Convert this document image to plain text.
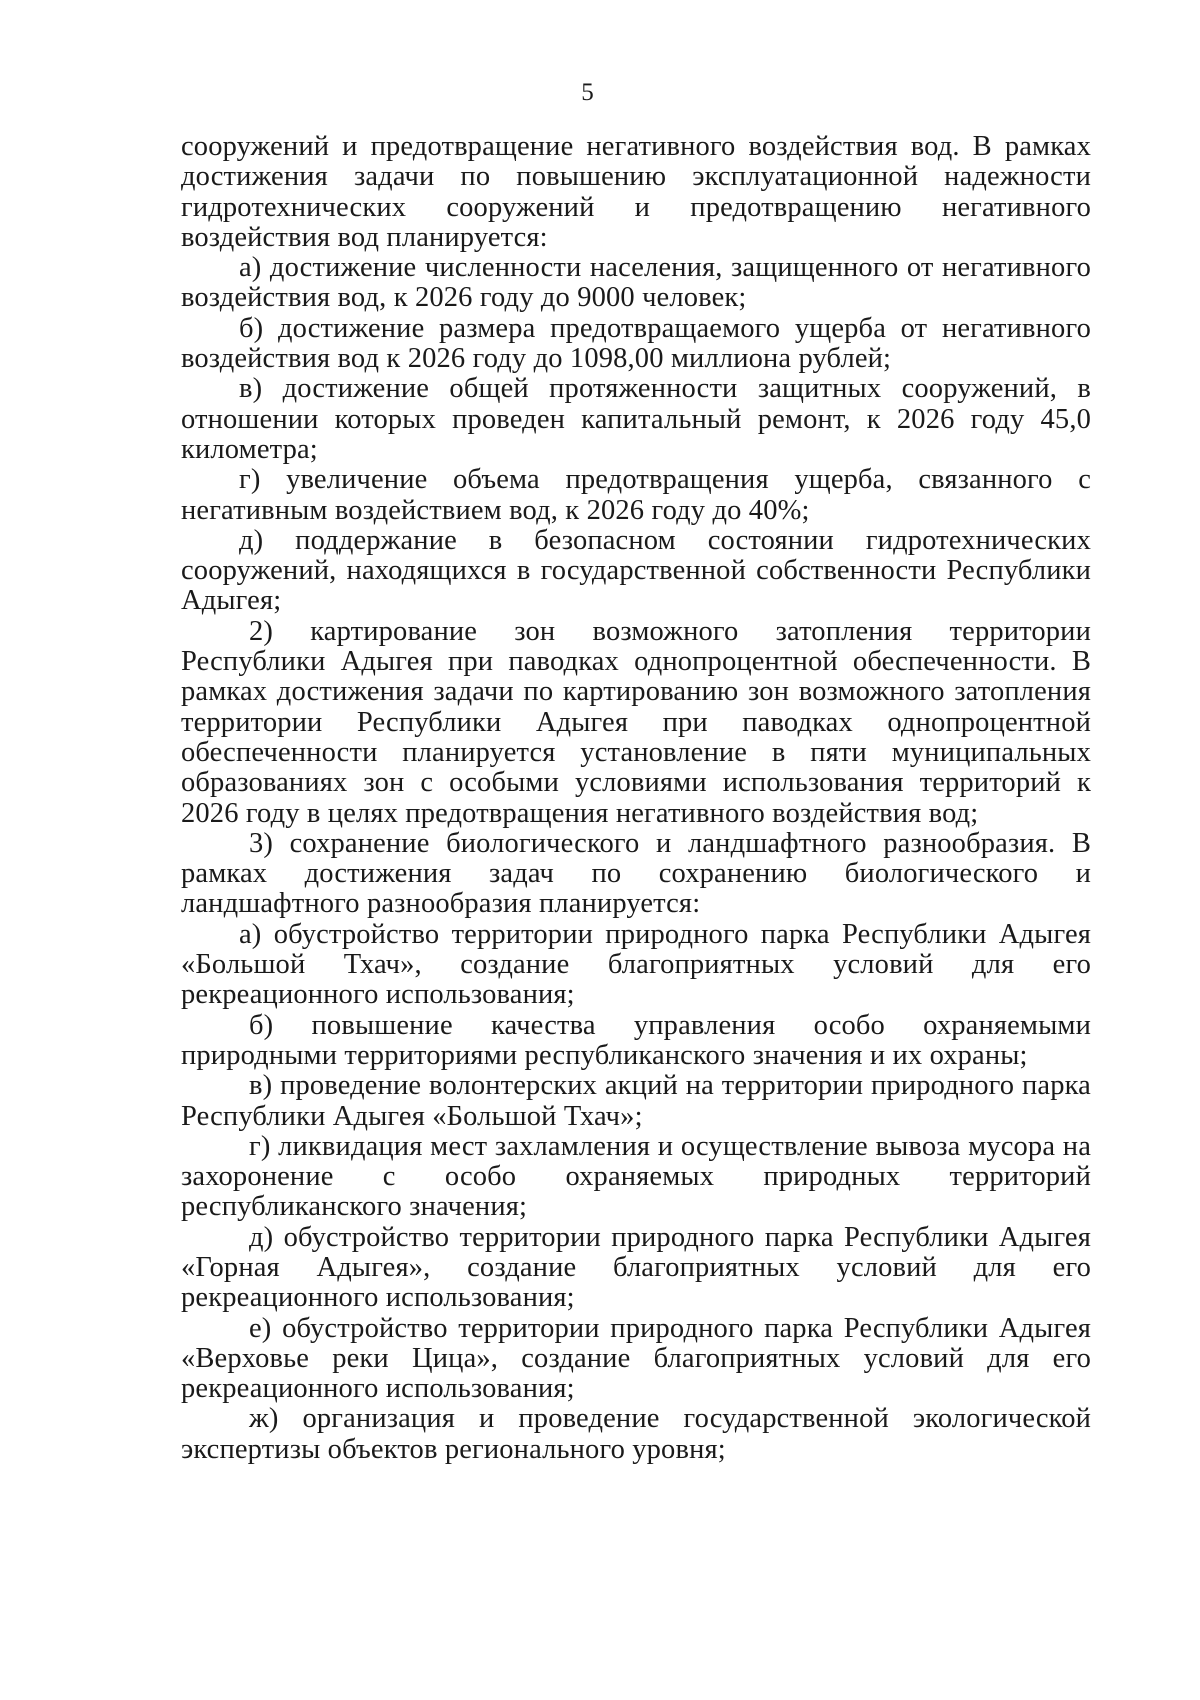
5

сооружений и предотвращение негативного воздействия вод. В рамках достижения задачи по повышению эксплуатационной надежности гидротехнических сооружений и предотвращению негативного воздействия вод планируется:

а) достижение численности населения, защищенного от негативного воздействия вод, к 2026 году до 9000 человек;

б) достижение размера предотвращаемого ущерба от негативного воздействия вод к 2026 году до 1098,00 миллиона рублей;

в) достижение общей протяженности защитных сооружений, в отношении которых проведен капитальный ремонт, к 2026 году 45,0 километра;

г) увеличение объема предотвращения ущерба, связанного с негативным воздействием вод, к 2026 году до 40%;

д) поддержание в безопасном состоянии гидротехнических сооружений, находящихся в государственной собственности Республики Адыгея;

2) картирование зон возможного затопления территории Республики Адыгея при паводках однопроцентной обеспеченности. В рамках достижения задачи по картированию зон возможного затопления территории Республики Адыгея при паводках однопроцентной обеспеченности планируется установление в пяти муниципальных образованиях зон с особыми условиями использования территорий к 2026 году в целях предотвращения негативного воздействия вод;

3) сохранение биологического и ландшафтного разнообразия. В рамках достижения задач по сохранению биологического и ландшафтного разнообразия планируется:

а) обустройство территории природного парка Республики Адыгея «Большой Тхач», создание благоприятных условий для его рекреационного использования;

б) повышение качества управления особо охраняемыми природными территориями республиканского значения и их охраны;

в) проведение волонтерских акций на территории природного парка Республики Адыгея «Большой Тхач»;

г) ликвидация мест захламления и осуществление вывоза мусора на захоронение с особо охраняемых природных территорий республиканского значения;

д) обустройство территории природного парка Республики Адыгея «Горная Адыгея», создание благоприятных условий для его рекреационного использования;

е) обустройство территории природного парка Республики Адыгея «Верховье реки Цица», создание благоприятных условий для его рекреационного использования;

ж) организация и проведение государственной экологической экспертизы объектов регионального уровня;
